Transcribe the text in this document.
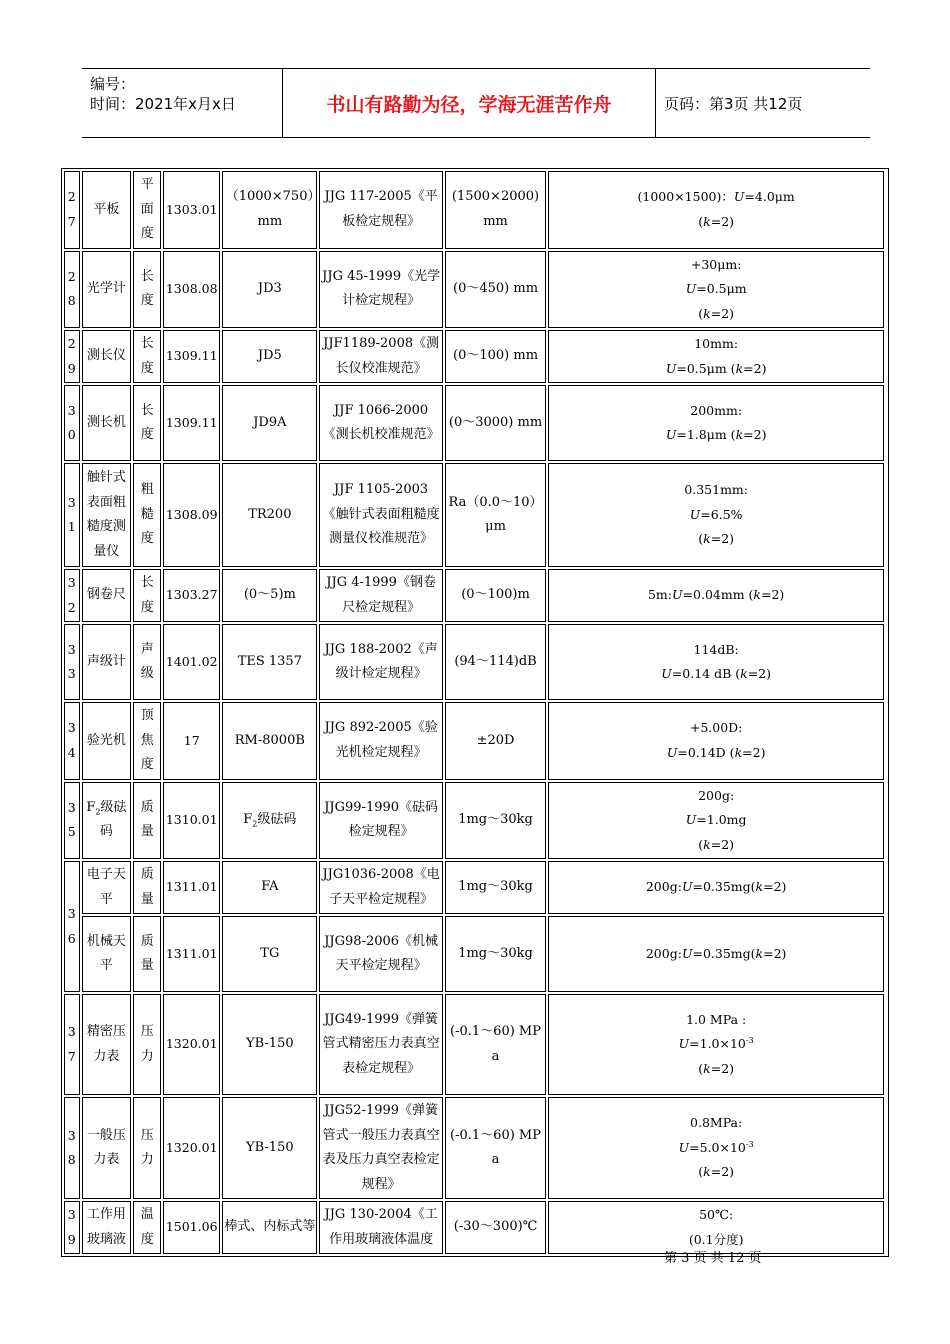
编号：
时间：2021年x月x日	书山有路勤为径，学海无涯苦作舟	页码：第3页 共12页
27	平板	平面度	1303.01	（1000×750）mm	JJG 117-2005《平板检定规程》	(1500×2000)mm	(1000×1500)：U=4.0μm
(k=2)	
28	光学计	长度	1308.08	JD3	JJG 45-1999《光学计检定规程》	(0～450) mm	+30μm:
U=0.5μm
(k=2)	
29	测长仪	长度	1309.11	JD5	JJF1189-2008《测长仪校准规范》	(0～100) mm	10mm:
U=0.5μm (k=2)	
30	测长机	长度	1309.11	JD9A	JJF 1066-2000《测长机校准规范》	(0～3000) mm	200mm:
U=1.8μm (k=2)	
31	触针式表面粗糙度测量仪	粗糙度	1308.09	TR200	JJF 1105-2003《触针式表面粗糙度测量仪校准规范》	Ra（0.0～10）μm	0.351mm:
U=6.5%
(k=2)	
32	钢卷尺	长度	1303.27	(0～5)m	JJG 4-1999《钢卷尺检定规程》	(0～100)m	5m:U=0.04mm (k=2)	
33	声级计	声级	1401.02	TES 1357	JJG 188-2002《声级计检定规程》	(94～114)dB	114dB:
U=0.14 dB (k=2)	
34	验光机	顶焦度	17	RM-8000B	JJG 892-2005《验光机检定规程》	±20D	+5.00D:
U=0.14D (k=2)	
35	$F_2$级砝码	质量	1310.01	$F_2$级砝码	JJG99-1990《砝码检定规程》	1mg～30kg	200g:
U=1.0mg
(k=2)	
36	电子天平	质量	1311.01	FA	JJG1036-2008《电子天平检定规程》	1mg～30kg	200g:U=0.35mg(k=2)	
	机械天平	质量	1311.01	TG	JJG98-2006《机械天平检定规程》	1mg～30kg	200g:U=0.35mg(k=2)	
37	精密压力表	压力	1320.01	YB-150	JJG49-1999《弹簧管式精密压力表真空表检定规程》	(-0.1～60) MPa	1.0 MPa :
$U=1.0\times 10^{-3}$
(k=2)	
38	一般压力表	压力	1320.01	YB-150	JJG52-1999《弹簧管式一般压力表真空表及压力真空表检定规程》	(-0.1～60) MPa	0.8MPa:
$U=5.0\times 10^{-3}$
(k=2)	
39	工作用玻璃液	温度	1501.06	棒式、内标式等	JJG 130-2004《工作用玻璃液体温度	(-30～300)℃	50℃:
(0.1分度)	
第 3 页 共 12 页
